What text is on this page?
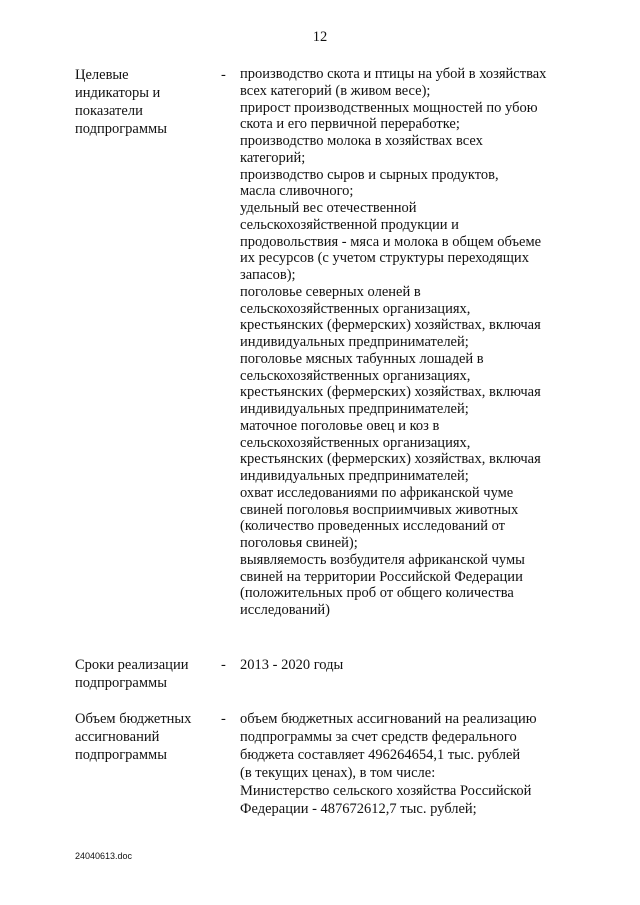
12
Целевые
индикаторы и
показатели
подпрограммы
- производство скота и птицы на убой в хозяйствах
всех категорий (в живом весе);
прирост производственных мощностей по убою
скота и его первичной переработке;
производство молока в хозяйствах всех
категорий;
производство сыров и сырных продуктов,
масла сливочного;
удельный вес отечественной
сельскохозяйственной продукции и
продовольствия - мяса и молока в общем объеме
их ресурсов (с учетом структуры переходящих
запасов);
поголовье северных оленей в
сельскохозяйственных организациях,
крестьянских (фермерских) хозяйствах, включая
индивидуальных предпринимателей;
поголовье мясных табунных лошадей в
сельскохозяйственных организациях,
крестьянских (фермерских) хозяйствах, включая
индивидуальных предпринимателей;
маточное поголовье овец и коз в
сельскохозяйственных организациях,
крестьянских (фермерских) хозяйствах, включая
индивидуальных предпринимателей;
охват исследованиями по африканской чуме
свиней поголовья восприимчивых животных
(количество проведенных исследований от
поголовья свиней);
выявляемость возбудителя африканской чумы
свиней на территории Российской Федерации
(положительных проб от общего количества
исследований)
Сроки реализации
подпрограммы
- 2013 - 2020 годы
Объем бюджетных
ассигнований
подпрограммы
- объем бюджетных ассигнований на реализацию
подпрограммы за счет средств федерального
бюджета составляет 496264654,1 тыс. рублей
(в текущих ценах), в том числе:
Министерство сельского хозяйства Российской
Федерации - 487672612,7 тыс. рублей;
24040613.doc
